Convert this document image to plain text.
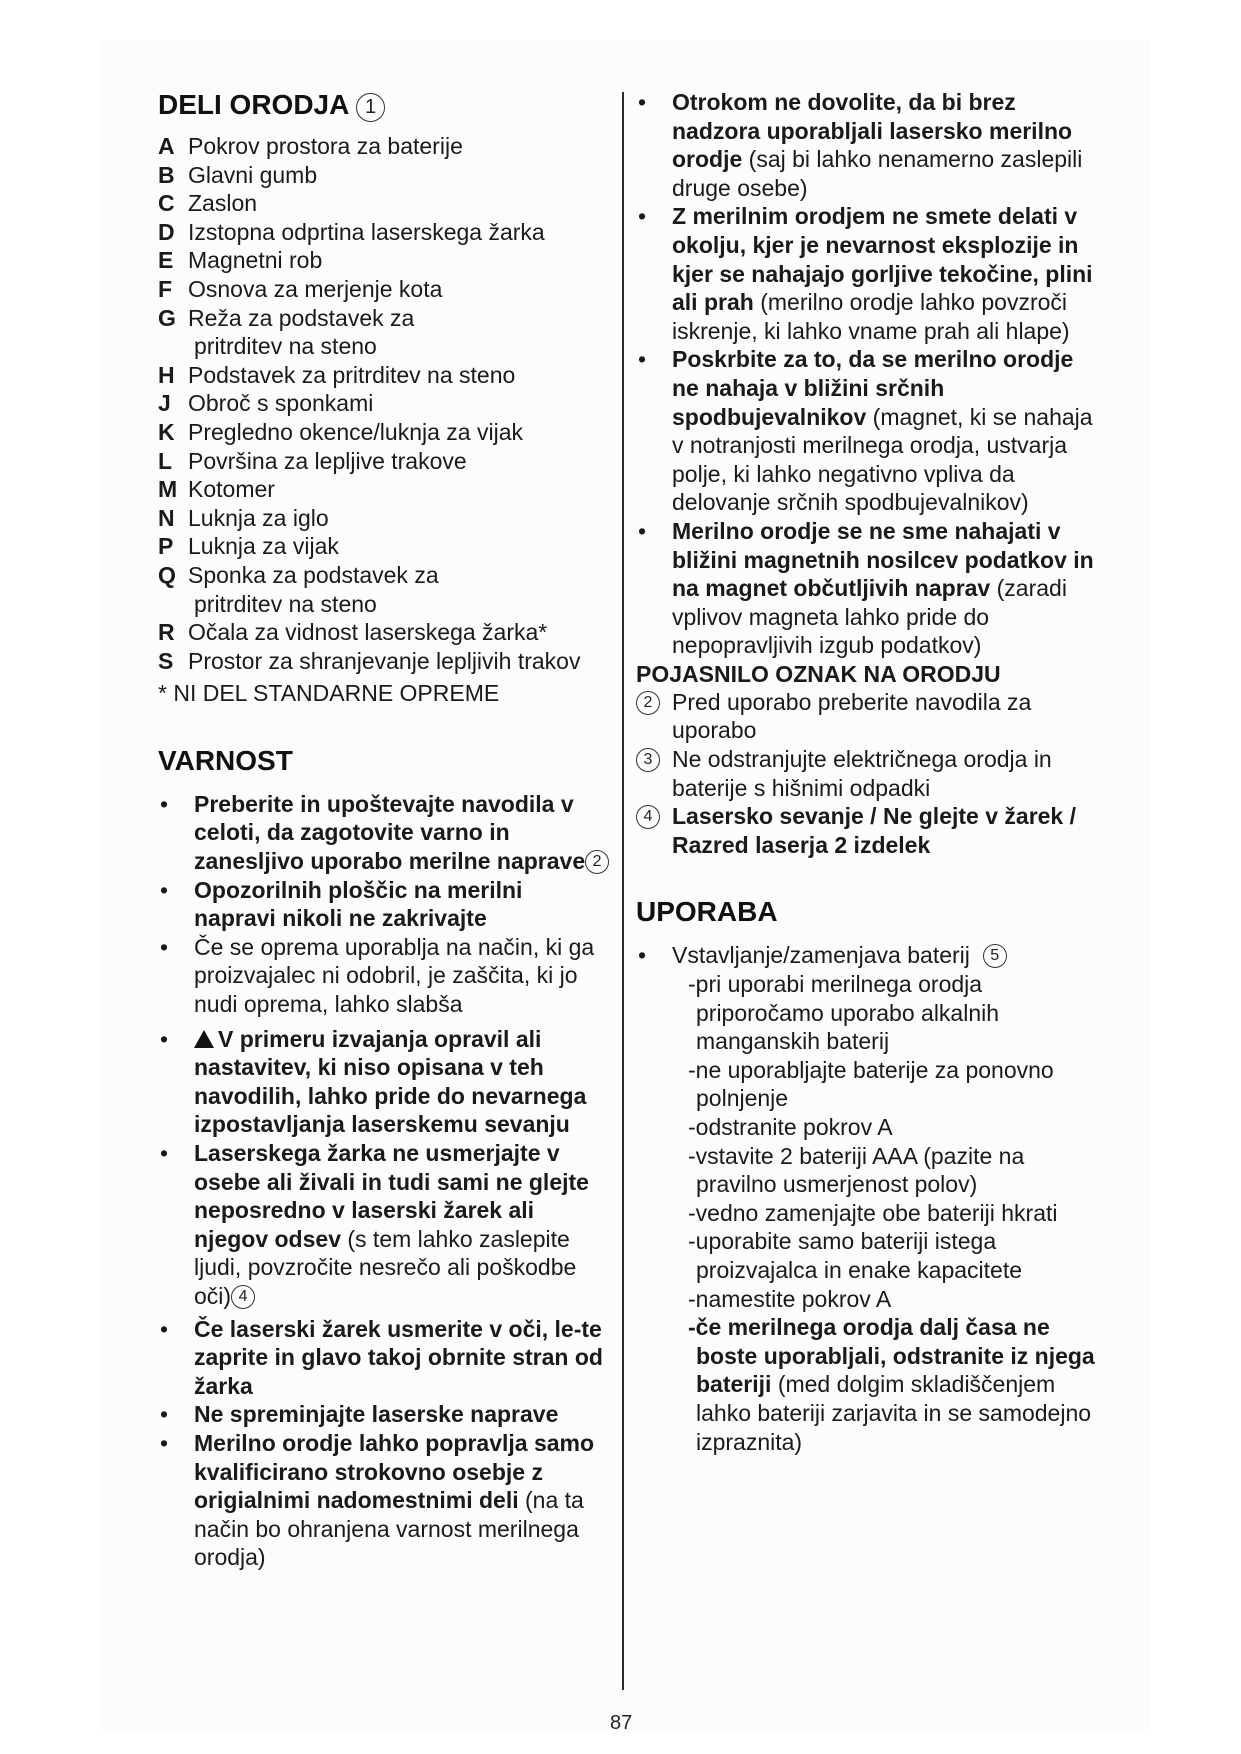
DELI ORODJA 1
A Pokrov prostora za baterije
B Glavni gumb
C Zaslon
D Izstopna odprtina laserskega žarka
E Magnetni rob
F Osnova za merjenje kota
G Reža za podstavek za
pritrditev na steno
H Podstavek za pritrditev na steno
J Obroč s sponkami
K Pregledno okence/luknja za vijak
L Površina za lepljive trakove
M Kotomer
N Luknja za iglo
P Luknja za vijak
Q Sponka za podstavek za
pritrditev na steno
R Očala za vidnost laserskega žarka*
S Prostor za shranjevanje lepljivih trakov
* NI DEL STANDARNE OPREME
VARNOST
• Preberite in upoštevajte navodila v celoti, da zagotovite varno in zanesljivo uporabo merilne naprave 2
• Opozorilnih ploščic na merilni napravi nikoli ne zakrivajte
• Če se oprema uporablja na način, ki ga proizvajalec ni odobril, je zaščita, ki jo nudi oprema, lahko slabša
• V primeru izvajanja opravil ali nastavitev, ki niso opisana v teh navodilih, lahko pride do nevarnega izpostavljanja laserskemu sevanju
• Laserskega žarka ne usmerjajte v osebe ali živali in tudi sami ne glejte neposredno v laserski žarek ali njegov odsev (s tem lahko zaslepite ljudi, povzročite nesrečo ali poškodbe oči) 4
• Če laserski žarek usmerite v oči, le-te zaprite in glavo takoj obrnite stran od žarka
• Ne spreminjajte laserske naprave
• Merilno orodje lahko popravlja samo kvalificirano strokovno osebje z origialnimi nadomestnimi deli (na ta način bo ohranjena varnost merilnega orodja)
• Otrokom ne dovolite, da bi brez nadzora uporabljali lasersko merilno orodje (saj bi lahko nenamerno zaslepili druge osebe)
• Z merilnim orodjem ne smete delati v okolju, kjer je nevarnost eksplozije in kjer se nahajajo gorljive tekočine, plini ali prah (merilno orodje lahko povzroči iskrenje, ki lahko vname prah ali hlape)
• Poskrbite za to, da se merilno orodje ne nahaja v bližini srčnih spodbujevalnikov (magnet, ki se nahaja v notranjosti merilnega orodja, ustvarja polje, ki lahko negativno vpliva da delovanje srčnih spodbujevalnikov)
• Merilno orodje se ne sme nahajati v bližini magnetnih nosilcev podatkov in na magnet občutljivih naprav (zaradi vplivov magneta lahko pride do nepopravljivih izgub podatkov)
POJASNILO OZNAK NA ORODJU
2 Pred uporabo preberite navodila za uporabo
3 Ne odstranjujte električnega orodja in baterije s hišnimi odpadki
4 Lasersko sevanje / Ne glejte v žarek / Razred laserja 2 izdelek
UPORABA
• Vstavljanje/zamenjava baterij 5
-pri uporabi merilnega orodja priporočamo uporabo alkalnih manganskih baterij
-ne uporabljajte baterije za ponovno polnjenje
-odstranite pokrov A
-vstavite 2 bateriji AAA (pazite na pravilno usmerjenost polov)
-vedno zamenjajte obe bateriji hkrati
-uporabite samo bateriji istega proizvajalca in enake kapacitete
-namestite pokrov A
-če merilnega orodja dalj časa ne boste uporabljali, odstranite iz njega bateriji (med dolgim skladiščenjem lahko bateriji zarjavita in se samodejno izpraznita)
87
